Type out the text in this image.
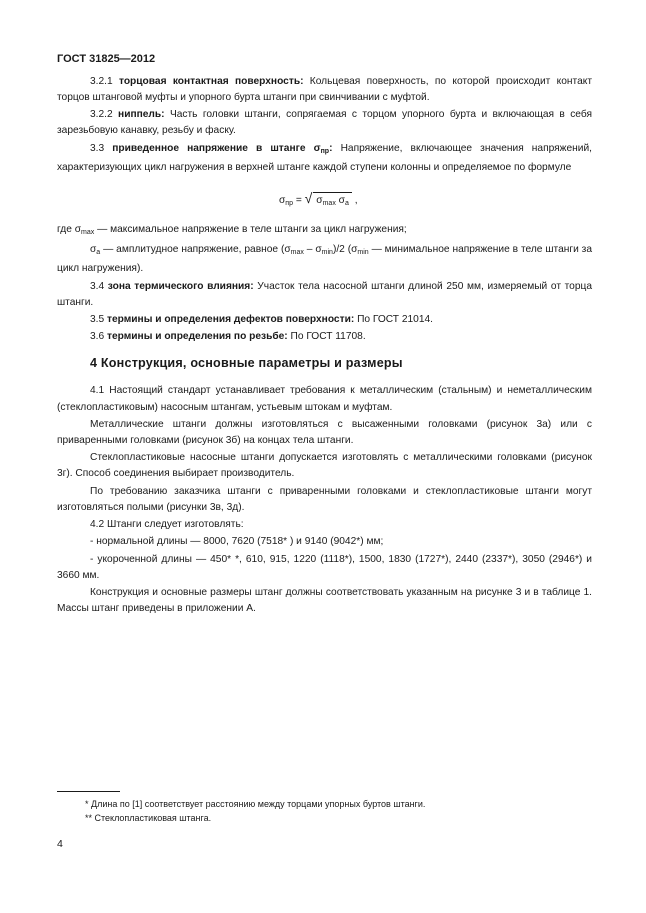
ГОСТ 31825—2012

3.2.1 торцовая контактная поверхность: Кольцевая поверхность, по которой происходит контакт торцов штанговой муфты и упорного бурта штанги при свинчивании с муфтой.

3.2.2 ниппель: Часть головки штанги, сопрягаемая с торцом упорного бурта и включающая в себя зарезьбовую канавку, резьбу и фаску.

3.3 приведенное напряжение в штанге $\sigma_{пр}$: Напряжение, включающее значения напряжений, характеризующих цикл нагружения в верхней штанге каждой ступени колонны и определяемое по формуле

$\sigma_{пр}$ = √ $\sigma_{max}$ $\sigma_a$ ,

где $\sigma_{max}$ — максимальное напряжение в теле штанги за цикл нагружения;

$\sigma_a$ — амплитудное напряжение, равное $(\sigma_{max} - \sigma_{min})/2$ ($\sigma_{min}$ — минимальное напряжение в теле штанги за цикл нагружения).

3.4 зона термического влияния: Участок тела насосной штанги длиной 250 мм, измеряемый от торца штанги.

3.5 термины и определения дефектов поверхности: По ГОСТ 21014.

3.6 термины и определения по резьбе: По ГОСТ 11708.

4 Конструкция, основные параметры и размеры

4.1 Настоящий стандарт устанавливает требования к металлическим (стальным) и неметаллическим (стеклопластиковым) насосным штангам, устьевым штокам и муфтам.

Металлические штанги должны изготовляться с высаженными головками (рисунок 3а) или с приваренными головками (рисунок 3б) на концах тела штанги.

Стеклопластиковые насосные штанги допускается изготовлять с металлическими головками (рисунок 3г). Способ соединения выбирает производитель.

По требованию заказчика штанги с приваренными головками и стеклопластиковые штанги могут изготовляться полыми (рисунки 3в, 3д).

4.2 Штанги следует изготовлять:

- нормальной длины — 8000, 7620 (7518* ) и 9140 (9042*) мм;

- укороченной длины — 450* *, 610, 915, 1220 (1118*), 1500, 1830 (1727*), 2440 (2337*), 3050 (2946*) и 3660 мм.

Конструкция и основные размеры штанг должны соответствовать указанным на рисунке 3 и в таблице 1. Массы штанг приведены в приложении А.

* Длина по [1] соответствует расстоянию между торцами упорных буртов штанги.
** Стеклопластиковая штанга.
4
